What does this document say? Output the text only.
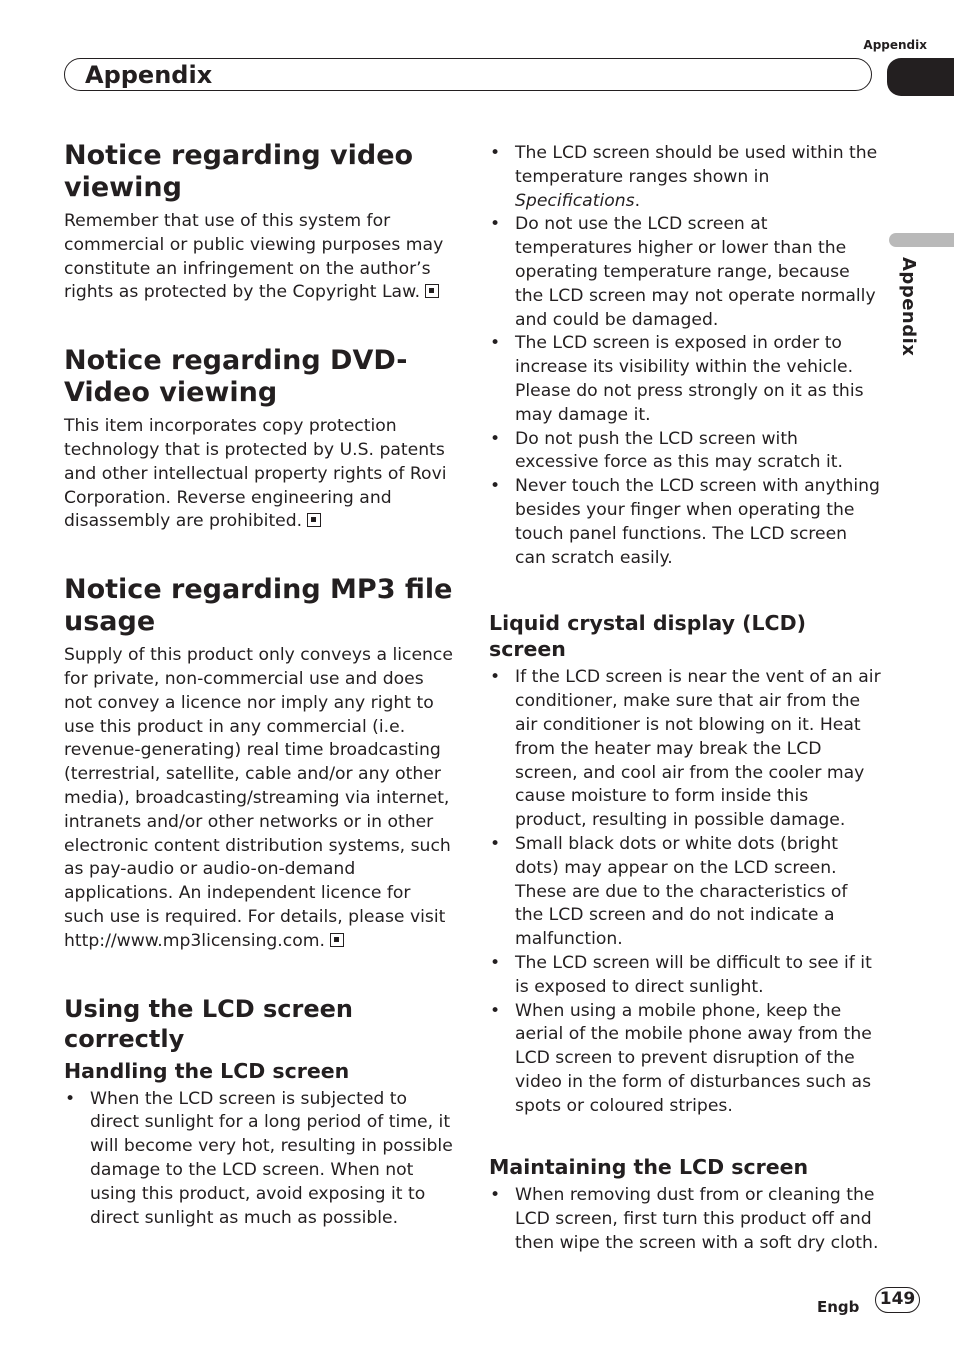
Appendix
Appendix
Appendix
Notice regarding video viewing

Remember that use of this system for commercial or public viewing purposes may constitute an infringement on the author’s rights as protected by the Copyright Law.

Notice regarding DVD-Video viewing

This item incorporates copy protection technology that is protected by U.S. patents and other intellectual property rights of Rovi Corporation. Reverse engineering and disassembly are prohibited.

Notice regarding MP3 file usage

Supply of this product only conveys a licence for private, non-commercial use and does not convey a licence nor imply any right to use this product in any commercial (i.e. revenue-generating) real time broadcasting (terrestrial, satellite, cable and/or any other media), broadcasting/streaming via internet, intranets and/or other networks or in other electronic content distribution systems, such as pay-audio or audio-on-demand applications. An independent licence for such use is required. For details, please visit

http://www.mp3licensing.com.

Using the LCD screen correctly
Handling the LCD screen
• When the LCD screen is subjected to direct sunlight for a long period of time, it will become very hot, resulting in possible damage to the LCD screen. When not using this product, avoid exposing it to direct sunlight as much as possible.
• The LCD screen should be used within the temperature ranges shown in Specifications.
• Do not use the LCD screen at temperatures higher or lower than the operating temperature range, because the LCD screen may not operate normally and could be damaged.
• The LCD screen is exposed in order to increase its visibility within the vehicle. Please do not press strongly on it as this may damage it.
• Do not push the LCD screen with excessive force as this may scratch it.
• Never touch the LCD screen with anything besides your finger when operating the touch panel functions. The LCD screen can scratch easily.
Liquid crystal display (LCD) screen
• If the LCD screen is near the vent of an air conditioner, make sure that air from the air conditioner is not blowing on it. Heat from the heater may break the LCD screen, and cool air from the cooler may cause moisture to form inside this product, resulting in possible damage.
• Small black dots or white dots (bright dots) may appear on the LCD screen. These are due to the characteristics of the LCD screen and do not indicate a malfunction.
• The LCD screen will be difficult to see if it is exposed to direct sunlight.
• When using a mobile phone, keep the aerial of the mobile phone away from the LCD screen to prevent disruption of the video in the form of disturbances such as spots or coloured stripes.
Maintaining the LCD screen
• When removing dust from or cleaning the LCD screen, first turn this product off and then wipe the screen with a soft dry cloth.
Engb 149
